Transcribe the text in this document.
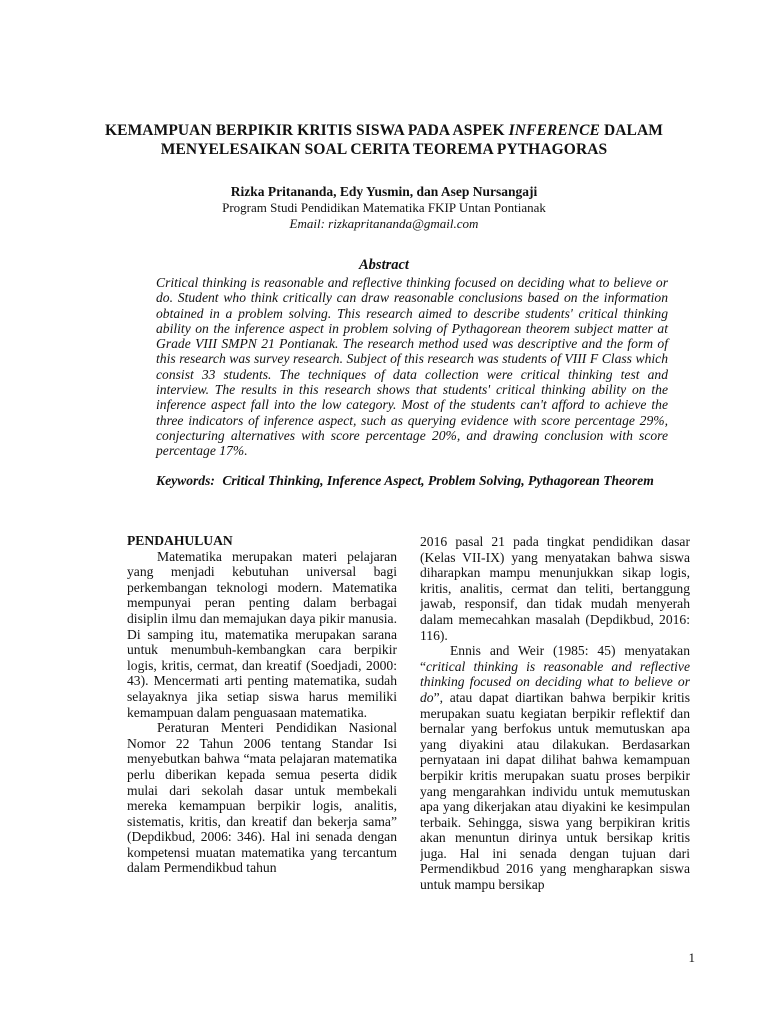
KEMAMPUAN BERPIKIR KRITIS SISWA PADA ASPEK INFERENCE DALAM
MENYELESAIKAN SOAL CERITA TEOREMA PYTHAGORAS
Rizka Pritananda, Edy Yusmin, dan Asep Nursangaji
Program Studi Pendidikan Matematika FKIP Untan Pontianak
Email: rizkapritananda@gmail.com
Abstract

Critical thinking is reasonable and reflective thinking focused on deciding what to believe or do. Student who think critically can draw reasonable conclusions based on the information obtained in a problem solving. This research aimed to describe students' critical thinking ability on the inference aspect in problem solving of Pythagorean theorem subject matter at Grade VIII SMPN 21 Pontianak. The research method used was descriptive and the form of this research was survey research. Subject of this research was students of VIII F Class which consist 33 students. The techniques of data collection were critical thinking test and interview. The results in this research shows that students' critical thinking ability on the inference aspect fall into the low category. Most of the students can't afford to achieve the three indicators of inference aspect, such as querying evidence with score percentage 29%, conjecturing alternatives with score percentage 20%, and drawing conclusion with score percentage 17%.

Keywords: Critical Thinking, Inference Aspect, Problem Solving, Pythagorean Theorem

PENDAHULUAN

Matematika merupakan materi pelajaran yang menjadi kebutuhan universal bagi perkembangan teknologi modern. Matematika mempunyai peran penting dalam berbagai disiplin ilmu dan memajukan daya pikir manusia. Di samping itu, matematika merupakan sarana untuk menumbuh-kembangkan cara berpikir logis, kritis, cermat, dan kreatif (Soedjadi, 2000: 43). Mencermati arti penting matematika, sudah selayaknya jika setiap siswa harus memiliki kemampuan dalam penguasaan matematika.

Peraturan Menteri Pendidikan Nasional Nomor 22 Tahun 2006 tentang Standar Isi menyebutkan bahwa “mata pelajaran matematika perlu diberikan kepada semua peserta didik mulai dari sekolah dasar untuk membekali mereka kemampuan berpikir logis, analitis, sistematis, kritis, dan kreatif dan bekerja sama” (Depdikbud, 2006: 346). Hal ini senada dengan kompetensi muatan matematika yang tercantum dalam Permendikbud tahun

2016 pasal 21 pada tingkat pendidikan dasar (Kelas VII-IX) yang menyatakan bahwa siswa diharapkan mampu menunjukkan sikap logis, kritis, analitis, cermat dan teliti, bertanggung jawab, responsif, dan tidak mudah menyerah dalam memecahkan masalah (Depdikbud, 2016: 116).

Ennis and Weir (1985: 45) menyatakan “critical thinking is reasonable and reflective thinking focused on deciding what to believe or do”, atau dapat diartikan bahwa berpikir kritis merupakan suatu kegiatan berpikir reflektif dan bernalar yang berfokus untuk memutuskan apa yang diyakini atau dilakukan. Berdasarkan pernyataan ini dapat dilihat bahwa kemampuan berpikir kritis merupakan suatu proses berpikir yang mengarahkan individu untuk memutuskan apa yang dikerjakan atau diyakini ke kesimpulan terbaik. Sehingga, siswa yang berpikiran kritis akan menuntun dirinya untuk bersikap kritis juga. Hal ini senada dengan tujuan dari Permendikbud 2016 yang mengharapkan siswa untuk mampu bersikap

1
